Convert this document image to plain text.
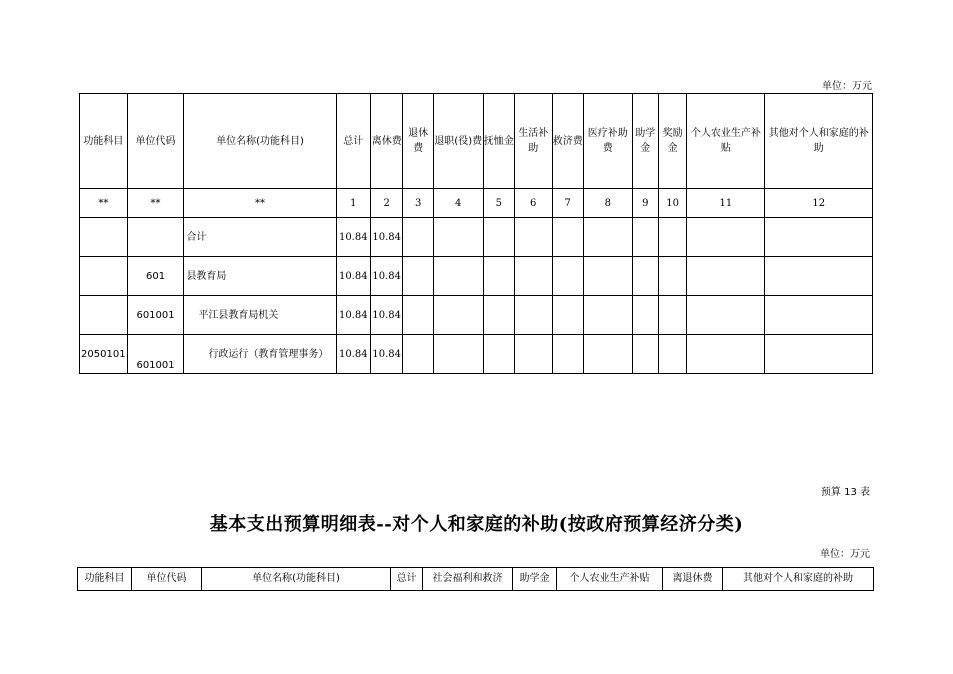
单位：万元
功能科目	单位代码	单位名称(功能科目)	总计	离休费	退休费	退职(役)费	抚恤金	生活补助	救济费	医疗补助费	助学金	奖励金	个人农业生产补贴	其他对个人和家庭的补助
**	**	**	1	2	3	4	5	6	7	8	9	10	11	12
		合计	10.84	10.84										
	601	县教育局	10.84	10.84										
	601001	平江县教育局机关	10.84	10.84										
2050101	601001	行政运行（教育管理事务）	10.84	10.84										
预算 13 表
基本支出预算明细表--对个人和家庭的补助(按政府预算经济分类)
单位：万元
功能科目	单位代码	单位名称(功能科目)	总计	社会福利和救济	助学金	个人农业生产补贴	离退休费	其他对个人和家庭的补助
